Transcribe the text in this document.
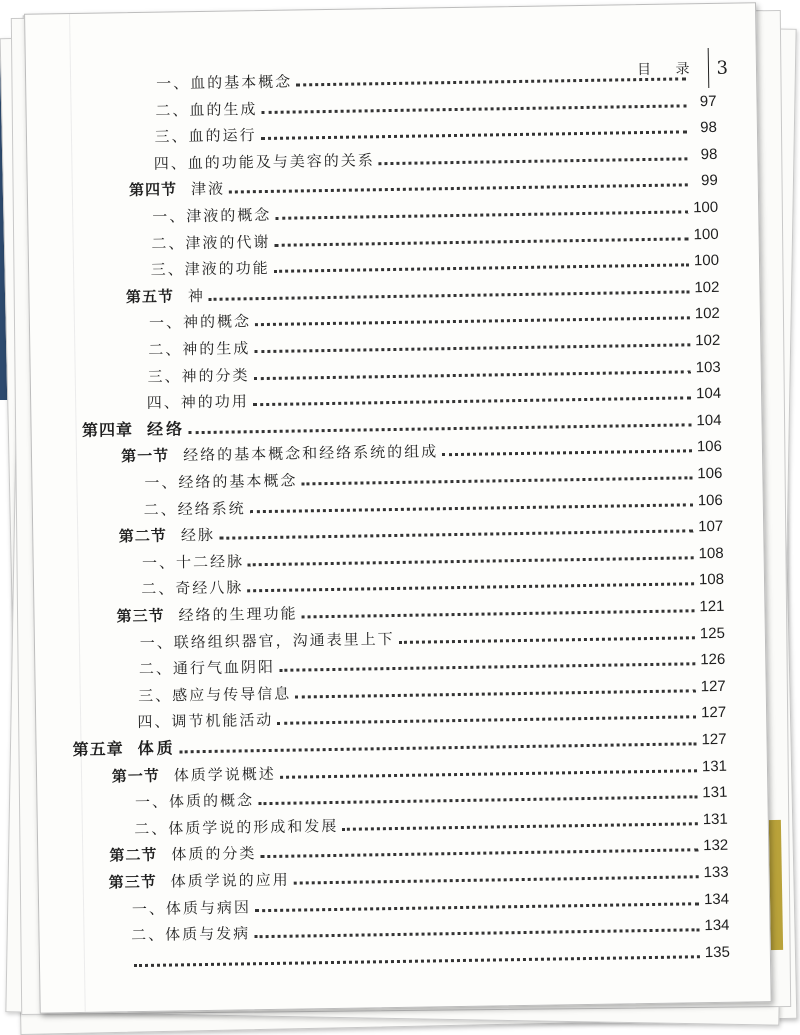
目 录 3
一、血的基本概念
二、血的生成	97
三、血的运行	98
四、血的功能及与美容的关系	98
第四节 津液	99
一、津液的概念	100
二、津液的代谢	100
三、津液的功能	100
第五节 神	102
一、神的概念	102
二、神的生成	102
三、神的分类	103
四、神的功用	104
第四章 经络	104
第一节 经络的基本概念和经络系统的组成	106
一、经络的基本概念	106
二、经络系统	106
第二节 经脉	107
一、十二经脉	108
二、奇经八脉	108
第三节 经络的生理功能	121
一、联络组织器官，沟通表里上下	125
二、通行气血阴阳	126
三、感应与传导信息	127
四、调节机能活动	127
第五章 体质	127
第一节 体质学说概述	131
一、体质的概念	131
二、体质学说的形成和发展	131
第二节 体质的分类	132
第三节 体质学说的应用	133
一、体质与病因	134
二、体质与发病	134
135
